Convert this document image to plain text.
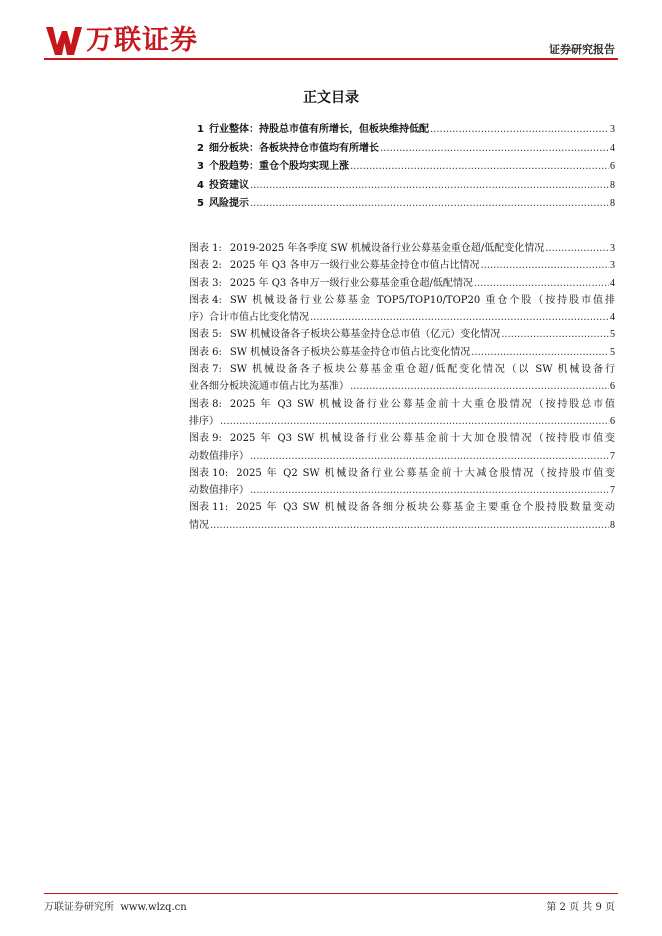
万联证券	证券研究报告
正文目录
1 行业整体：持股总市值有所增长，但板块维持低配 .....	3
2 细分板块：各板块持仓市值均有所增长 .....	4
3 个股趋势：重仓个股均实现上涨 .....	6
4 投资建议 .....	8
5 风险提示 .....	8
图表 1: 2019-2025 年各季度 SW 机械设备行业公募基金重仓超/低配变化情况 .....	3
图表 2: 2025 年 Q3 各申万一级行业公募基金持仓市值占比情况 .....	3
图表 3: 2025 年 Q3 各申万一级行业公募基金重仓超/低配情况 .....	4
图表 4: SW 机械设备行业公募基金 TOP5/TOP10/TOP20 重仓个股（按持股市值排
序）合计市值占比变化情况 .....	4
图表 5: SW 机械设备各子板块公募基金持仓总市值（亿元）变化情况 .....	5
图表 6: SW 机械设备各子板块公募基金持仓市值占比变化情况 .....	5
图表 7: SW 机械设备各子板块公募基金重仓超/低配变化情况（以 SW 机械设备行
业各细分板块流通市值占比为基准） .....	6
图表 8: 2025 年 Q3 SW 机械设备行业公募基金前十大重仓股情况（按持股总市值
排序） .....	6
图表 9: 2025 年 Q3 SW 机械设备行业公募基金前十大加仓股情况（按持股市值变
动数值排序） .....	7
图表 10: 2025 年 Q2 SW 机械设备行业公募基金前十大减仓股情况（按持股市值变
动数值排序） .....	7
图表 11: 2025 年 Q3 SW 机械设备各细分板块公募基金主要重仓个股持股数量变动
情况 .....	8
万联证券研究所 www.wlzq.cn	第 2 页 共 9 页
